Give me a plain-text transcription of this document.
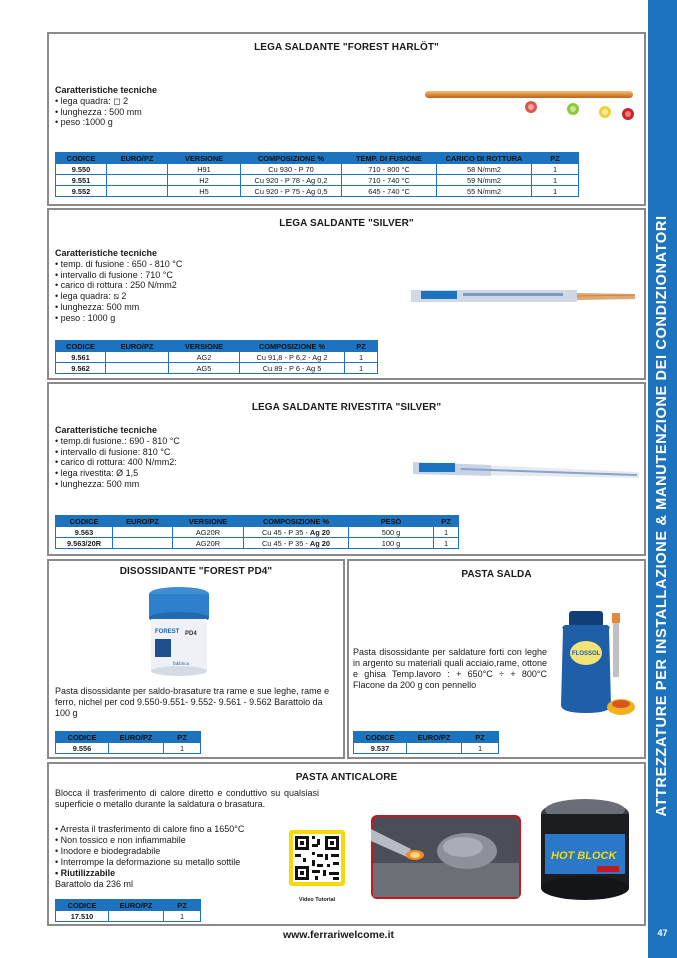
ATTREZZATURE PER INSTALLAZIONE & MANUTENZIONE DEI CONDIZIONATORI
47
LEGA SALDANTE "FOREST HARLÖT"
Caratteristiche tecniche
• lega quadra: ◻ 2
• lunghezza : 500 mm
• peso :1000 g
CODICE	EURO/PZ	VERSIONE	COMPOSIZIONE %	TEMP. DI FUSIONE	CARICO DI ROTTURA	PZ
9.550		H91	Cu 930 - P 70	710 - 800 °C	58 N/mm2	1
9.551		H2	Cu 920 - P 78 - Ag 0,2	710 - 740 °C	59 N/mm2	1
9.552		H5	Cu 920 - P 75 - Ag 0,5	645 - 740 °C	55 N/mm2	1
LEGA SALDANTE "SILVER"
Caratteristiche tecniche
• temp. di fusione : 650 - 810 °C
• intervallo di fusione : 710 °C
• carico di rottura : 250 N/mm2
• lega quadra: ⧅ 2
• lunghezza: 500 mm
• peso : 1000 g
CODICE	EURO/PZ	VERSIONE	COMPOSIZIONE %	PZ
9.561		AG2	Cu 91,8 - P 6,2 - Ag 2	1
9.562		AG5	Cu 89 - P 6 - Ag 5	1
LEGA SALDANTE RIVESTITA "SILVER"
Caratteristiche tecniche
• temp.di fusione.: 690 - 810 °C
• intervallo di fusione: 810 °C
• carico di rottura: 400 N/mm2:
• lega rivestita: Ø 1,5
• lunghezza: 500 mm
CODICE	EURO/PZ	VERSIONE	COMPOSIZIONE %	PESO	PZ
9.563		AG20R	Cu 45 - P 35 - Ag 20	500 g	1
9.563/20R		AG20R	Cu 45 - P 35 - Ag 20	100 g	1
DISOSSIDANTE "FOREST PD4"
FOREST PD4
fabbrica
Pasta disossidante per saldo-brasature tra rame e sue leghe, rame e ferro, nichel per cod 9.550-9.551- 9.552- 9.561 - 9.562 Barattolo da 100 g
CODICE	EURO/PZ	PZ
9.556		1
PASTA SALDA
FLOSSOL
Pasta disossidante per saldature forti con leghe in argento su materiali quali acciaio,rame, ottone e ghisa Temp.lavoro : + 650°C ÷ + 800°C Flacone da 200 g con pennello
CODICE	EURO/PZ	PZ
9.537		1
PASTA ANTICALORE
Blocca il trasferimento di calore diretto e conduttivo su qualsiasi superficie o metallo durante la saldatura o brasatura.
• Arresta il trasferimento di calore fino a 1650°C
• Non tossico e non infiammabile
• Inodore e biodegradabile
• Interrompe la deformazione su metallo sottile
• Riutilizzabile
Barattolo da 236 ml
Video Tutorial
HOT BLOCK
CODICE	EURO/PZ	PZ
17.510		1
www.ferrariwelcome.it
